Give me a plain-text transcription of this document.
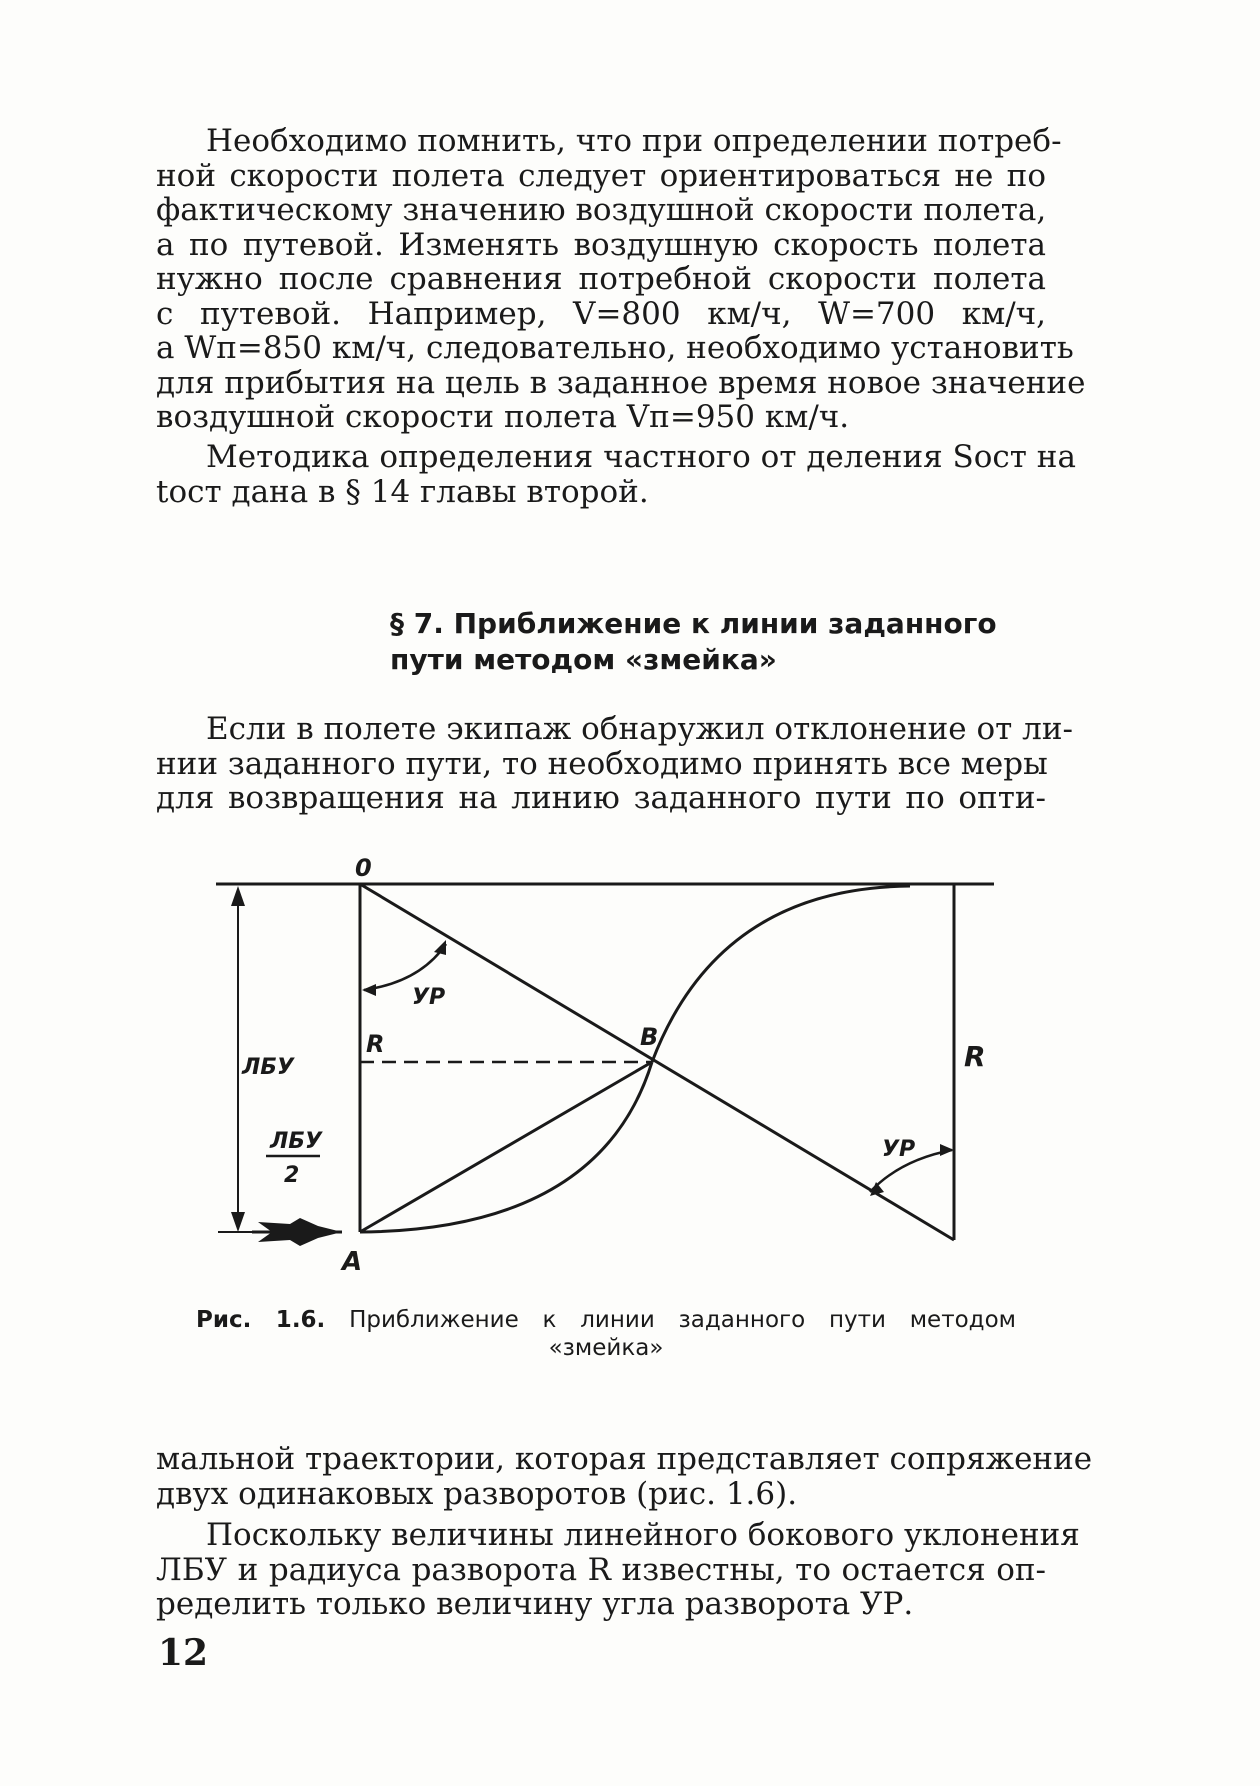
Необходимо помнить, что при определении потреб-
ной скорости полета следует ориентироваться не по
фактическому значению воздушной скорости полета,
а по путевой. Изменять воздушную скорость полета
нужно после сравнения потребной скорости полета
с путевой. Например, V=800 км/ч, W=700 км/ч,
а Wп=850 км/ч, следовательно, необходимо установить
для прибытия на цель в заданное время новое значение
воздушной скорости полета Vп=950 км/ч.

Методика определения частного от деления Sост на
tост дана в § 14 главы второй.

§ 7. Приближение к линии заданного
пути методом «змейка»

Если в полете экипаж обнаружил отклонение от ли-
нии заданного пути, то необходимо принять все меры
для возвращения на линию заданного пути по опти-

0
A
B
R	R
УР
УР
ЛБУ
ЛБУ
2
Рис. 1.6. Приближение к линии заданного пути методом
«змейка»

мальной траектории, которая представляет сопряжение
двух одинаковых разворотов (рис. 1.6).

Поскольку величины линейного бокового уклонения
ЛБУ и радиуса разворота R известны, то остается оп-
ределить только величину угла разворота УР.

12
